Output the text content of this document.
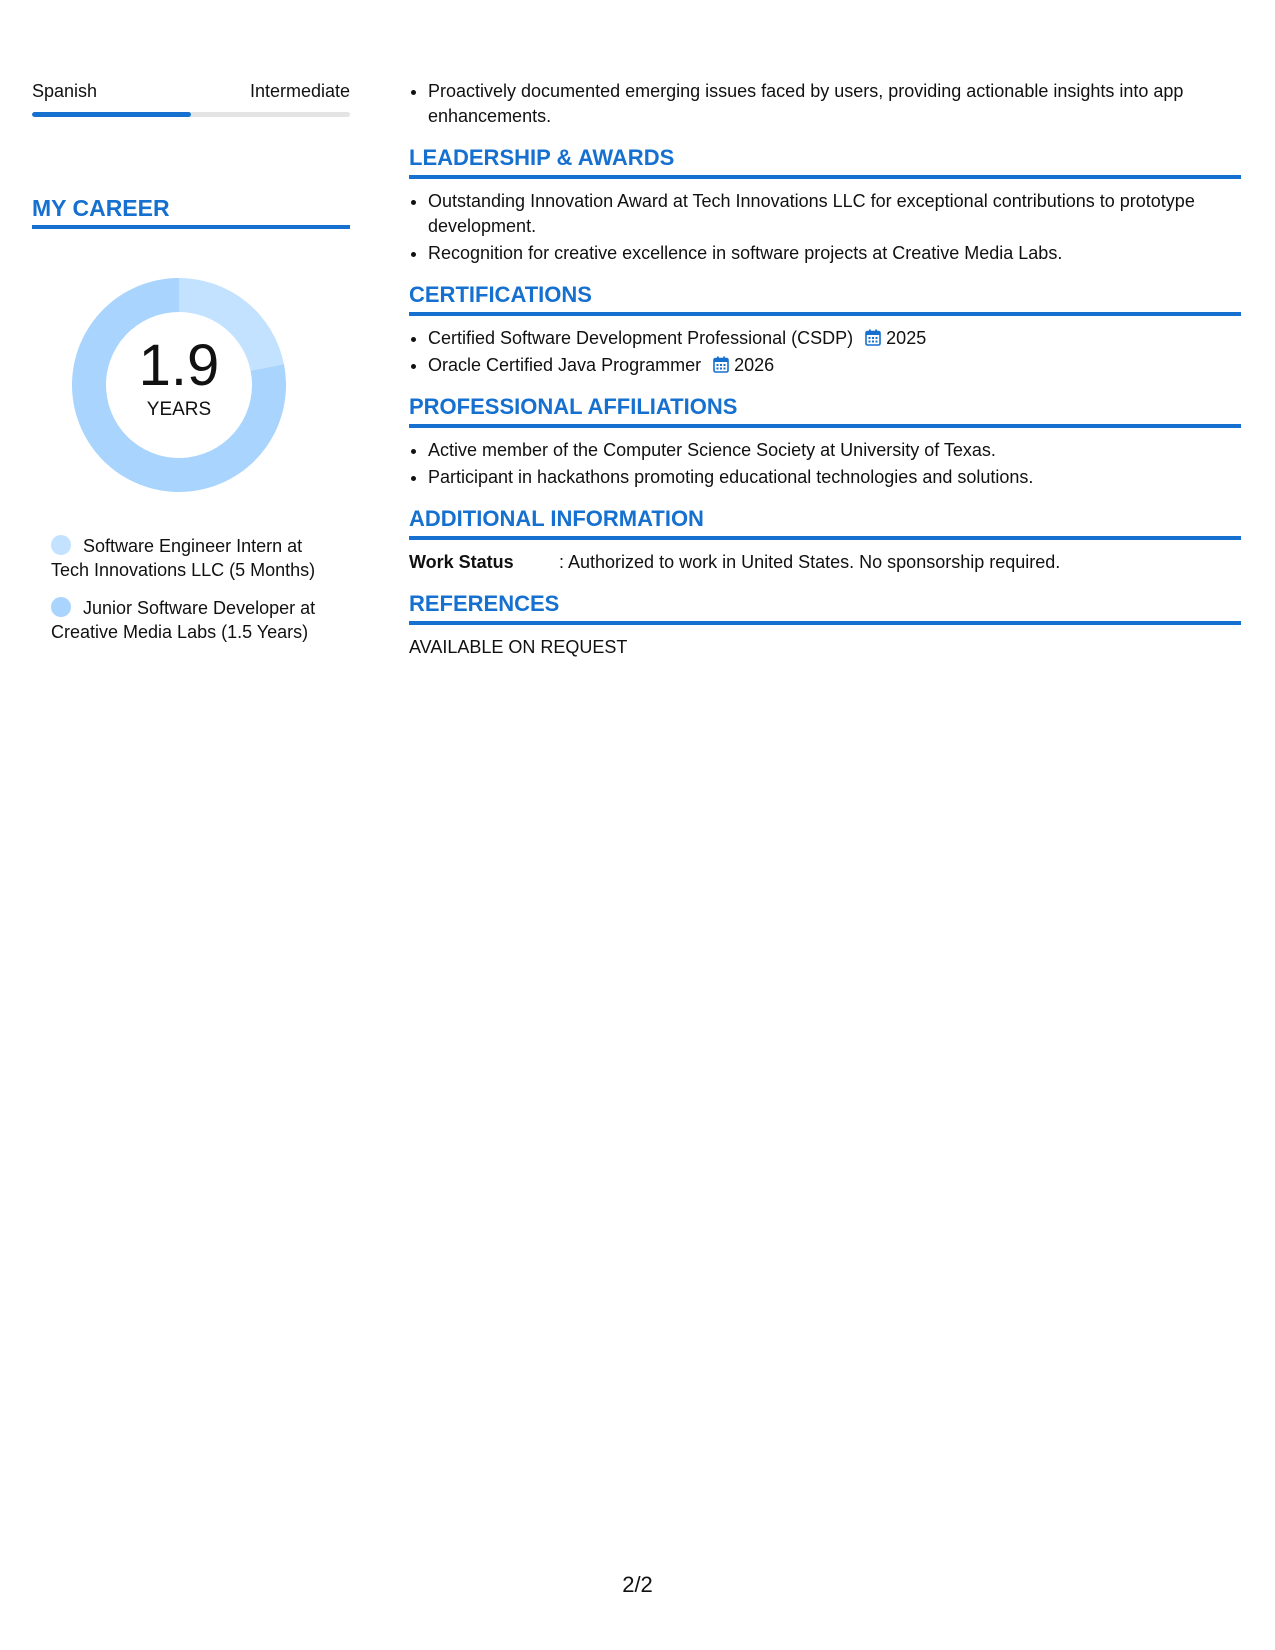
Spanish	Intermediate
MY CAREER
1.9
YEARS
Software Engineer Intern at Tech Innovations LLC (5 Months)
Junior Software Developer at Creative Media Labs (1.5 Years)
• Proactively documented emerging issues faced by users, providing actionable insights into app enhancements.
LEADERSHIP & AWARDS
• Outstanding Innovation Award at Tech Innovations LLC for exceptional contributions to prototype development.
• Recognition for creative excellence in software projects at Creative Media Labs.
CERTIFICATIONS
• Certified Software Development Professional (CSDP) 2025
• Oracle Certified Java Programmer 2026
PROFESSIONAL AFFILIATIONS
• Active member of the Computer Science Society at University of Texas.
• Participant in hackathons promoting educational technologies and solutions.
ADDITIONAL INFORMATION
Work Status	: Authorized to work in United States. No sponsorship required.
REFERENCES
AVAILABLE ON REQUEST
2/2
